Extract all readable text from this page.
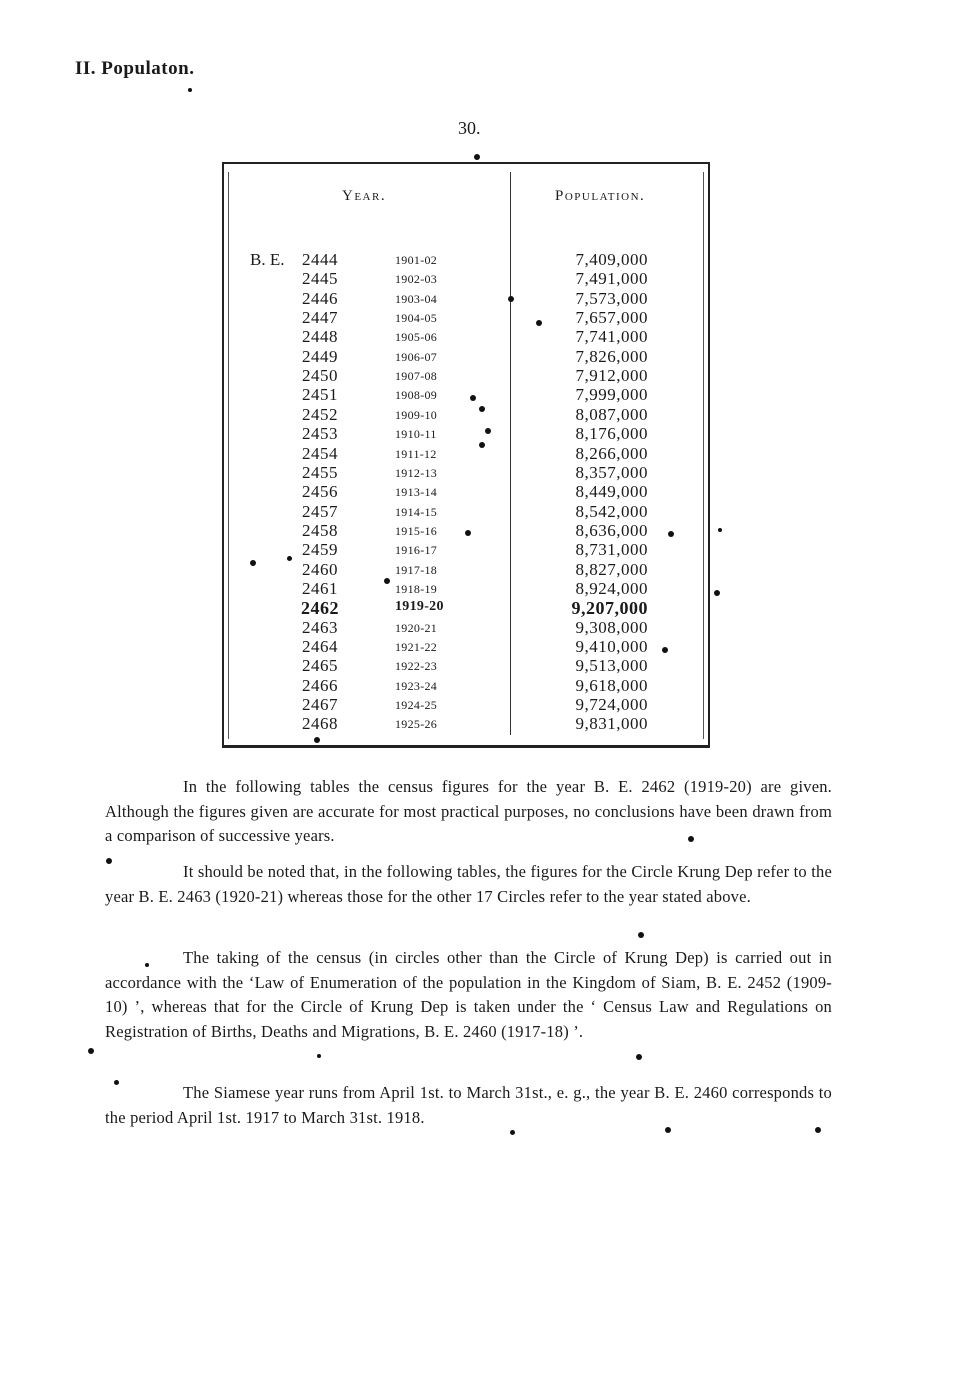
II. Populaton.
30.
Year.	Population.
B. E.	2444	1901-02	7,409,000
2445	1902-03	7,491,000
2446	1903-04	7,573,000
2447	1904-05	7,657,000
2448	1905-06	7,741,000
2449	1906-07	7,826,000
2450	1907-08	7,912,000
2451	1908-09	7,999,000
2452	1909-10	8,087,000
2453	1910-11	8,176,000
2454	1911-12	8,266,000
2455	1912-13	8,357,000
2456	1913-14	8,449,000
2457	1914-15	8,542,000
2458	1915-16	8,636,000
2459	1916-17	8,731,000
2460	1917-18	8,827,000
2461	1918-19	8,924,000
2462	1919-20	9,207,000
2463	1920-21	9,308,000
2464	1921-22	9,410,000
2465	1922-23	9,513,000
2466	1923-24	9,618,000
2467	1924-25	9,724,000
2468	1925-26	9,831,000

In the following tables the census figures for the year B. E. 2462 (1919-20) are given. Although the figures given are accurate for most practical purposes, no conclusions have been drawn from a comparison of successive years.

It should be noted that, in the following tables, the figures for the Circle Krung Dep refer to the year B. E. 2463 (1920-21) whereas those for the other 17 Circles refer to the year stated above.

The taking of the census (in circles other than the Circle of Krung Dep) is carried out in accordance with the ‘Law of Enumeration of the population in the Kingdom of Siam, B. E. 2452 (1909-10) ’, whereas that for the Circle of Krung Dep is taken under the ‘ Census Law and Regulations on Registration of Births, Deaths and Migrations, B. E. 2460 (1917-18) ’.

The Siamese year runs from April 1st. to March 31st., e. g., the year B. E. 2460 corresponds to the period April 1st. 1917 to March 31st. 1918.
